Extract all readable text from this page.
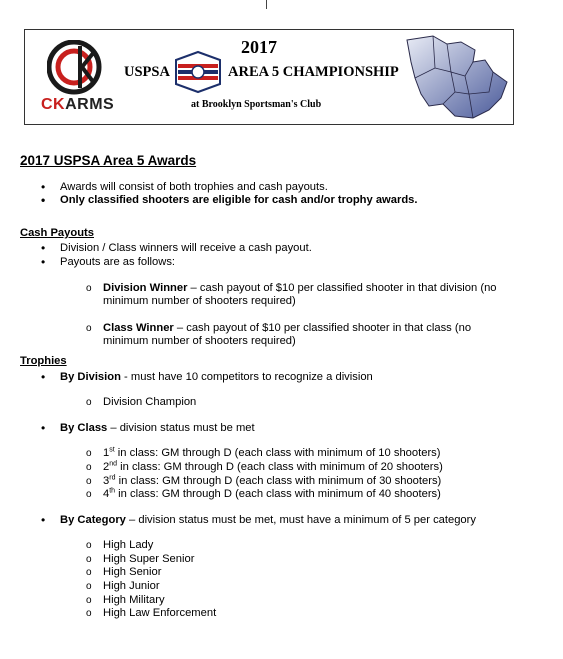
CKARMS
2017
USPSA	AREA 5 CHAMPIONSHIP
at Brooklyn Sportsman's Club
2017 USPSA Area 5 Awards
• Awards will consist of both trophies and cash payouts.
• Only classified shooters are eligible for cash and/or trophy awards.
Cash Payouts
• Division / Class winners will receive a cash payout.
• Payouts are as follows:
o Division Winner – cash payout of $10 per classified shooter in that division (no minimum number of shooters required)
o Class Winner – cash payout of $10 per classified shooter in that class (no minimum number of shooters required)
Trophies
• By Division - must have 10 competitors to recognize a division
o Division Champion
• By Class – division status must be met
o 1st in class: GM through D (each class with minimum of 10 shooters)
o 2nd in class: GM through D (each class with minimum of 20 shooters)
o 3rd in class: GM through D (each class with minimum of 30 shooters)
o 4th in class: GM through D (each class with minimum of 40 shooters)
• By Category – division status must be met, must have a minimum of 5 per category
o High Lady
o High Super Senior
o High Senior
o High Junior
o High Military
o High Law Enforcement
